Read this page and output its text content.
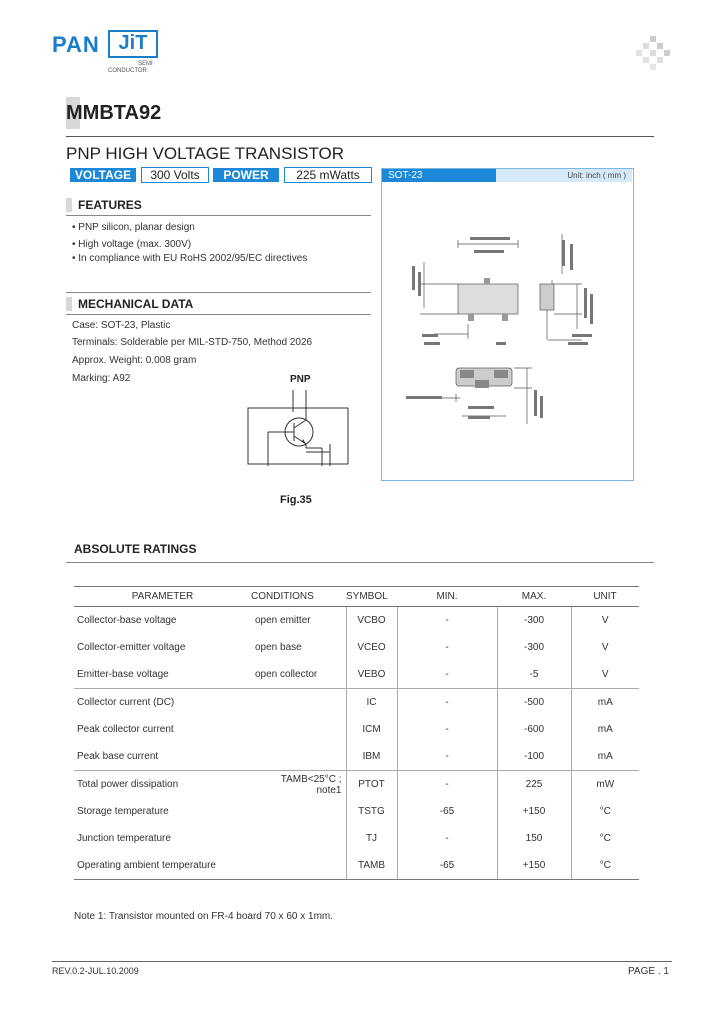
PAN JiT
SEMI
CONDUCTOR
MMBTA92
PNP HIGH VOLTAGE TRANSISTOR
VOLTAGE	300 Volts	POWER	225 mWatts	SOT-23	Unit: inch ( mm )
FEATURES
• PNP silicon, planar design
• High voltage (max. 300V)
• In compliance with EU RoHS 2002/95/EC directives
MECHANICAL DATA
Case: SOT-23, Plastic
Terminals: Solderable per MIL-STD-750, Method 2026
Approx. Weight: 0.008 gram
Marking: A92	PNP
Fig.35
ABSOLUTE RATINGS
PARAMETER	CONDITIONS	SYMBOL	MIN.	MAX.	UNIT
Collector-base voltage	open emitter	VCBO	-	-300	V
Collector-emitter voltage	open base	VCEO	-	-300	V
Emitter-base voltage	open collector	VEBO	-	-5	V
Collector current (DC)		IC	-	-500	mA
Peak collector current		ICM	-	-600	mA
Peak base current		IBM	-	-100	mA
Total power dissipation	TAMB<25°C ; note1	PTOT	-	225	mW
Storage temperature		TSTG	-65	+150	°C
Junction temperature		TJ	-	150	°C
Operating ambient temperature		TAMB	-65	+150	°C
Note 1: Transistor mounted on FR-4 board 70 x 60 x 1mm.
REV.0.2-JUL.10.2009	PAGE . 1
